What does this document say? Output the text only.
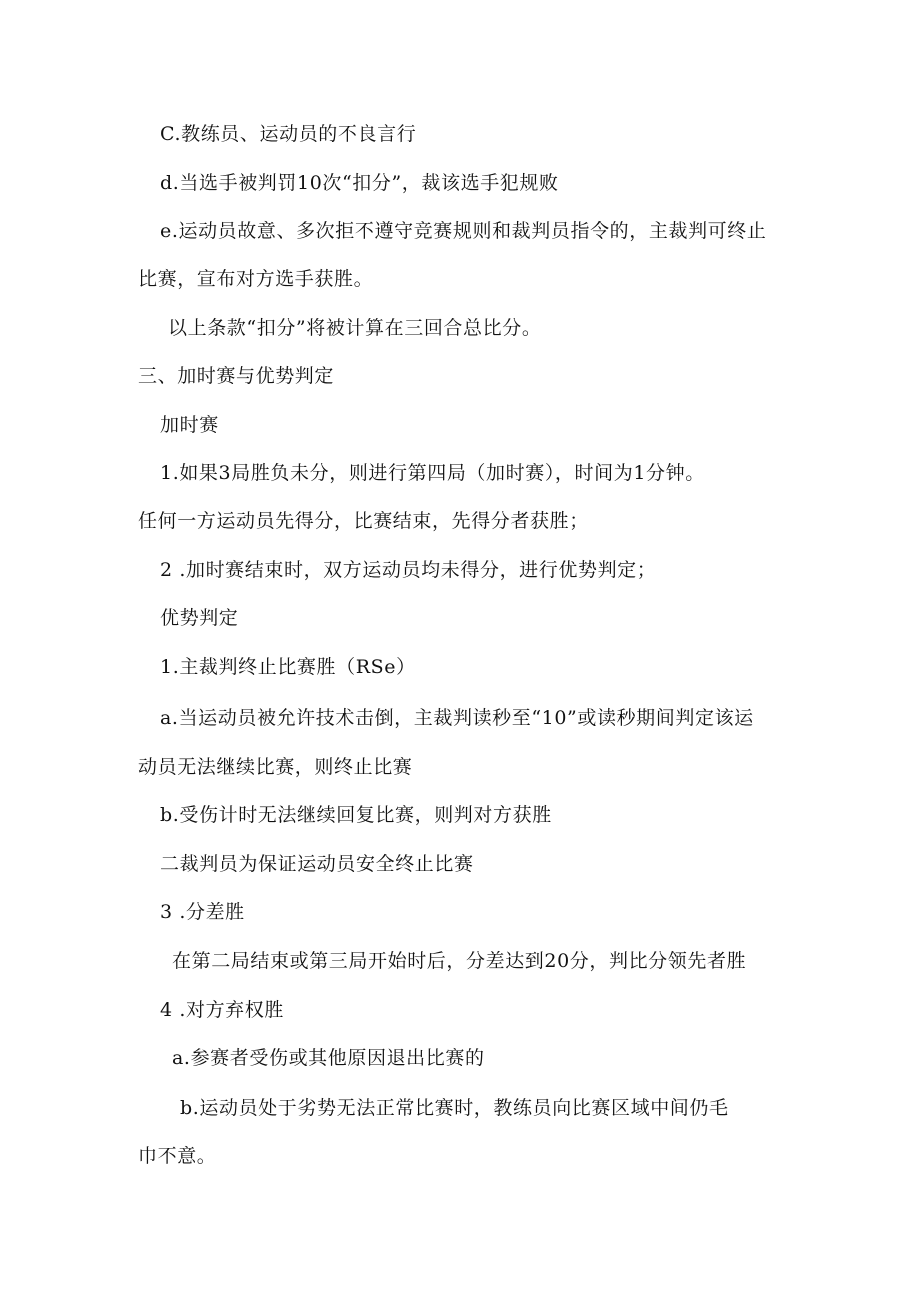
C.教练员、运动员的不良言行

d.当选手被判罚10次“扣分”，裁该选手犯规败

e.运动员故意、多次拒不遵守竞赛规则和裁判员指令的，主裁判可终止

比赛，宣布对方选手获胜。

以上条款“扣分”将被计算在三回合总比分。

三、加时赛与优势判定

加时赛

1.如果3局胜负未分，则进行第四局（加时赛），时间为1分钟。

任何一方运动员先得分，比赛结束，先得分者获胜；

2 .加时赛结束时，双方运动员均未得分，进行优势判定；

优势判定

1.主裁判终止比赛胜（RSe）

a.当运动员被允许技术击倒，主裁判读秒至“10”或读秒期间判定该运

动员无法继续比赛，则终止比赛

b.受伤计时无法继续回复比赛，则判对方获胜

二裁判员为保证运动员安全终止比赛

3 .分差胜

在第二局结束或第三局开始时后，分差达到20分，判比分领先者胜

4 .对方弃权胜

a.参赛者受伤或其他原因退出比赛的

b.运动员处于劣势无法正常比赛时，教练员向比赛区域中间仍毛

巾不意。
